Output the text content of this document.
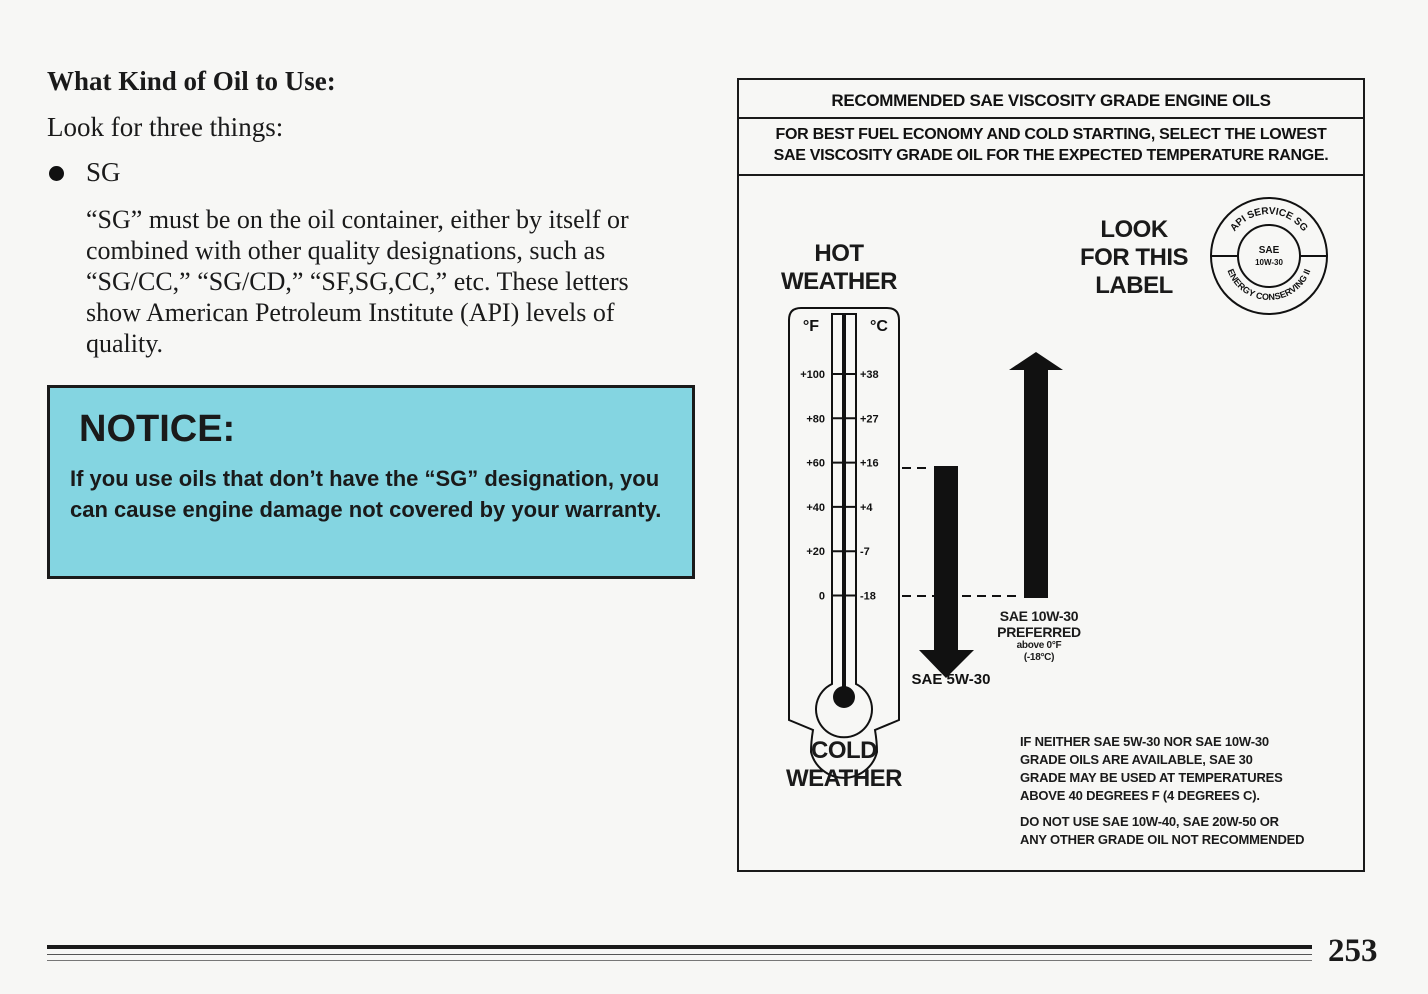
What Kind of Oil to Use:
Look for three things:
SG
“SG” must be on the oil container, either by itself or combined with other quality designations, such as “SG/CC,” “SG/CD,” “SF,SG,CC,” etc. These letters show American Petroleum Institute (API) levels of quality.
NOTICE:
If you use oils that don’t have the “SG” designation, you can cause engine damage not covered by your warranty.
RECOMMENDED SAE VISCOSITY GRADE ENGINE OILS
FOR BEST FUEL ECONOMY AND COLD STARTING, SELECT THE LOWEST
SAE VISCOSITY GRADE OIL FOR THE EXPECTED TEMPERATURE RANGE.
HOT
WEATHER
LOOK
FOR THIS
LABEL
API SERVICE SG
ENERGY CONSERVING II
SAE
10W-30
°F	°C
+100	+38
+80	+27
+60	+16
+40	+4
+20	-7
0	-18
SAE 5W-30
SAE 10W-30
PREFERRED
above 0°F
(-18°C)
COLD
WEATHER
IF NEITHER SAE 5W-30 NOR SAE 10W-30
GRADE OILS ARE AVAILABLE, SAE 30
GRADE MAY BE USED AT TEMPERATURES
ABOVE 40 DEGREES F (4 DEGREES C).
DO NOT USE SAE 10W-40, SAE 20W-50 OR
ANY OTHER GRADE OIL NOT RECOMMENDED
253
